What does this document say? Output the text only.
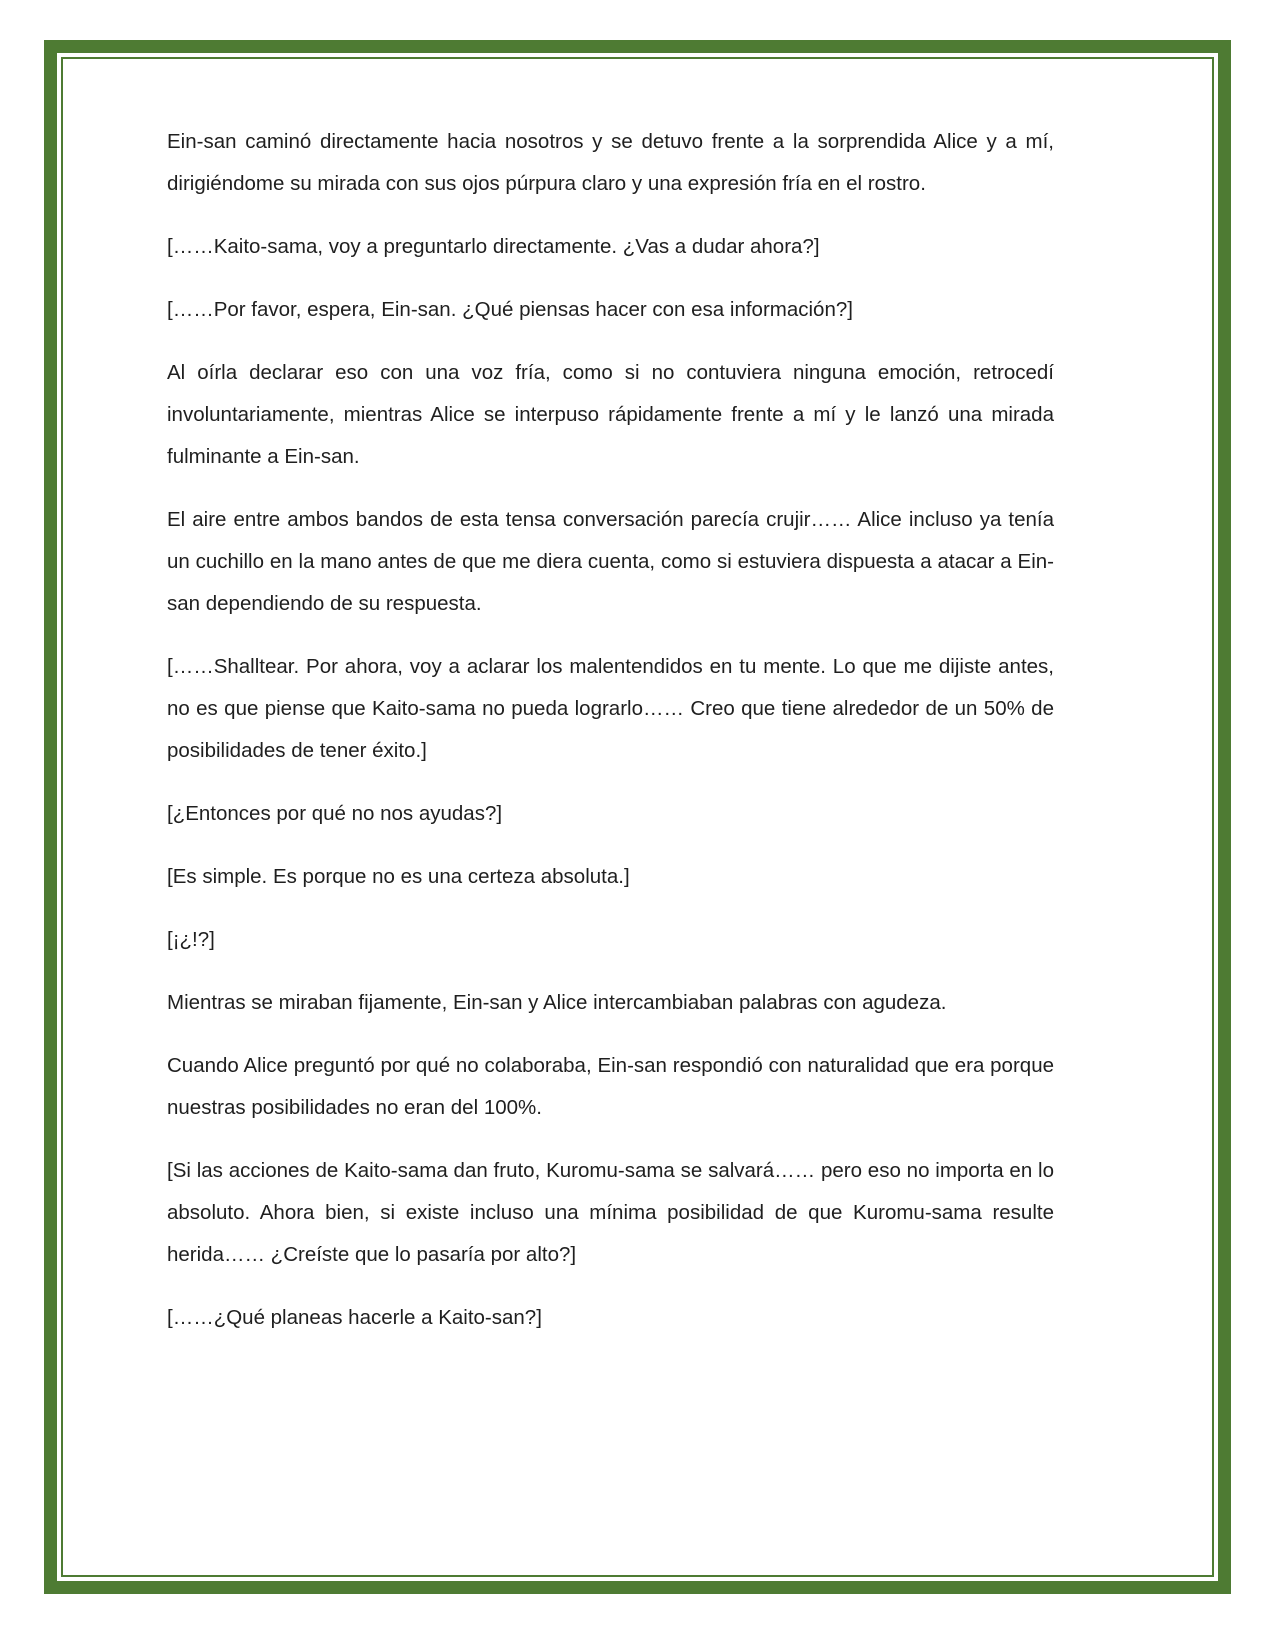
Ein-san caminó directamente hacia nosotros y se detuvo frente a la sorprendida Alice y a mí, dirigiéndome su mirada con sus ojos púrpura claro y una expresión fría en el rostro.

[……Kaito-sama, voy a preguntarlo directamente. ¿Vas a dudar ahora?]

[……Por favor, espera, Ein-san. ¿Qué piensas hacer con esa información?]

Al oírla declarar eso con una voz fría, como si no contuviera ninguna emoción, retrocedí involuntariamente, mientras Alice se interpuso rápidamente frente a mí y le lanzó una mirada fulminante a Ein-san.

El aire entre ambos bandos de esta tensa conversación parecía crujir…… Alice incluso ya tenía un cuchillo en la mano antes de que me diera cuenta, como si estuviera dispuesta a atacar a Ein-san dependiendo de su respuesta.

[……Shalltear. Por ahora, voy a aclarar los malentendidos en tu mente. Lo que me dijiste antes, no es que piense que Kaito-sama no pueda lograrlo…… Creo que tiene alrededor de un 50% de posibilidades de tener éxito.]

[¿Entonces por qué no nos ayudas?]

[Es simple. Es porque no es una certeza absoluta.]

[¡¿!?]

Mientras se miraban fijamente, Ein-san y Alice intercambiaban palabras con agudeza.

Cuando Alice preguntó por qué no colaboraba, Ein-san respondió con naturalidad que era porque nuestras posibilidades no eran del 100%.

[Si las acciones de Kaito-sama dan fruto, Kuromu-sama se salvará…… pero eso no importa en lo absoluto. Ahora bien, si existe incluso una mínima posibilidad de que Kuromu-sama resulte herida…… ¿Creíste que lo pasaría por alto?]

[……¿Qué planeas hacerle a Kaito-san?]
